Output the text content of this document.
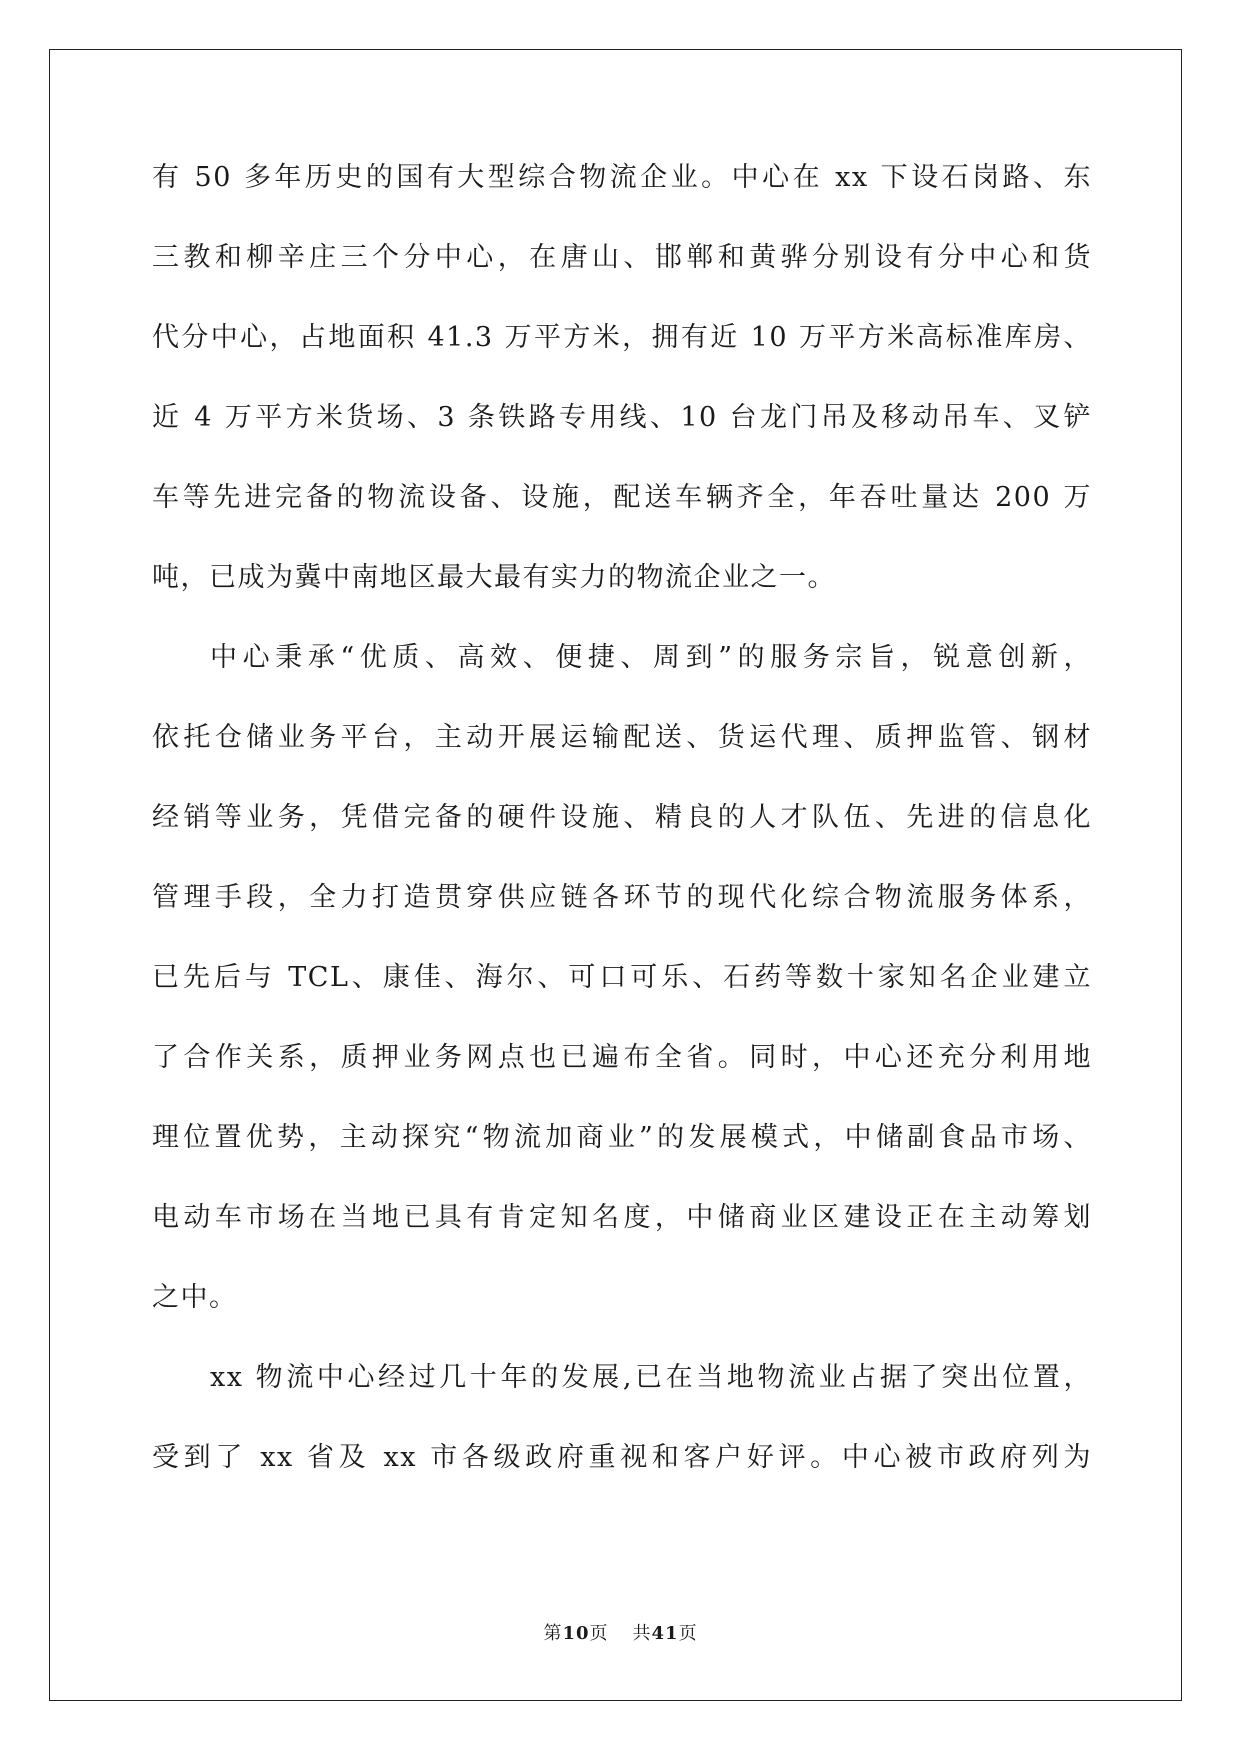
有 50 多年历史的国有大型综合物流企业。中心在 xx 下设石岗路、东
三教和柳辛庄三个分中心，在唐山、邯郸和黄骅分别设有分中心和货
代分中心，占地面积 41.3 万平方米，拥有近 10 万平方米高标准库房、
近 4 万平方米货场、3 条铁路专用线、10 台龙门吊及移动吊车、叉铲
车等先进完备的物流设备、设施，配送车辆齐全，年吞吐量达 200 万
吨，已成为冀中南地区最大最有实力的物流企业之一。
中心秉承“优质、高效、便捷、周到”的服务宗旨，锐意创新，
依托仓储业务平台，主动开展运输配送、货运代理、质押监管、钢材
经销等业务，凭借完备的硬件设施、精良的人才队伍、先进的信息化
管理手段，全力打造贯穿供应链各环节的现代化综合物流服务体系，
已先后与 TCL、康佳、海尔、可口可乐、石药等数十家知名企业建立
了合作关系，质押业务网点也已遍布全省。同时，中心还充分利用地
理位置优势，主动探究“物流加商业”的发展模式，中储副食品市场、
电动车市场在当地已具有肯定知名度，中储商业区建设正在主动筹划
之中。
xx 物流中心经过几十年的发展,已在当地物流业占据了突出位置，
受到了 xx 省及 xx 市各级政府重视和客户好评。中心被市政府列为
第10页 共41页
